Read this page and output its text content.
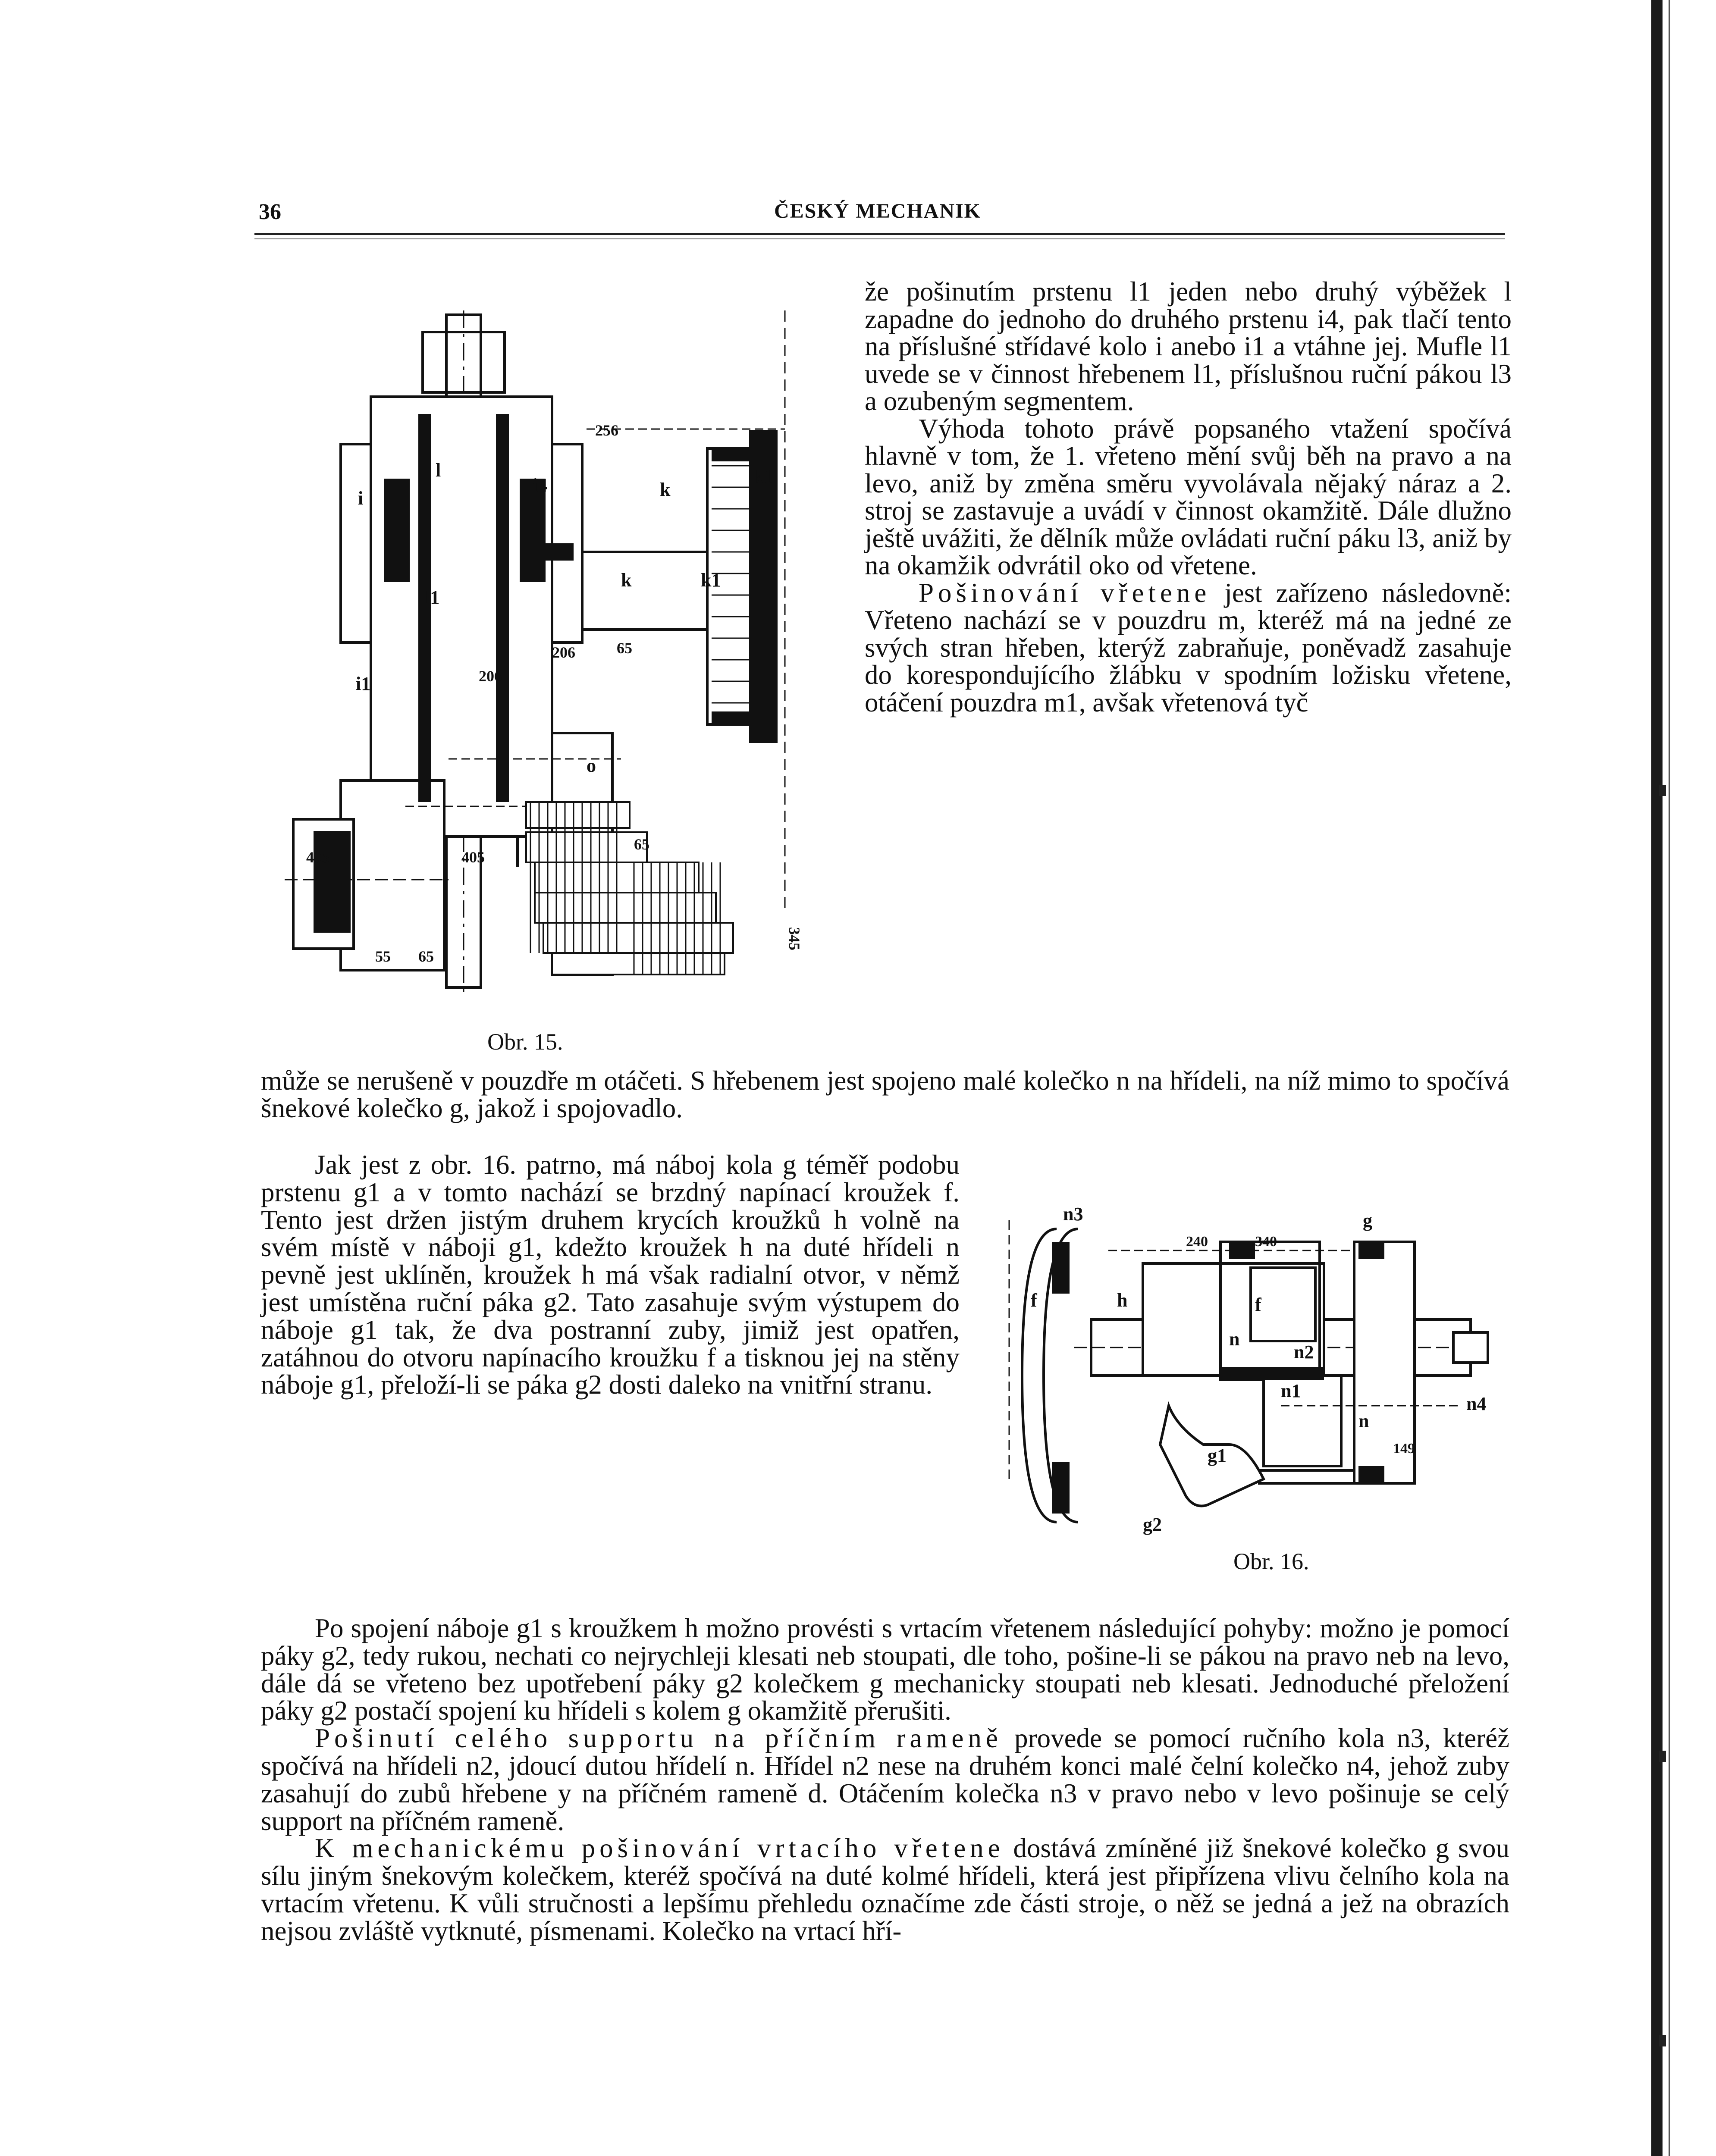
36	ČESKÝ MECHANIK
k
k1
i
i4
l
l1
i1
k	k1
o
405	405
65
55 65
206
256
65
206
345
Obr. 15.

že pošinutím prstenu l1 jeden nebo druhý výběžek l zapadne do jednoho do druhého prstenu i4, pak tlačí tento na příslušné střídavé kolo i anebo i1 a vtáhne jej. Mufle l1 uvede se v činnost hřebenem l1, příslušnou ruční pákou l3 a ozubeným segmentem.

Výhoda tohoto právě popsaného vtažení spočívá hlavně v tom, že 1. vřeteno mění svůj běh na pravo a na levo, aniž by změna směru vyvolávala nějaký náraz a 2. stroj se zastavuje a uvádí v činnost okamžitě. Dále dlužno ještě uvážiti, že dělník může ovládati ruční páku l3, aniž by na okamžik odvrátil oko od vřetene.

Pošinování vřetene jest zařízeno následovně: Vřeteno nachází se v pouzdru m, kteréž má na jedné ze svých stran hřeben, kterýž zabraňuje, poněvadž zasahuje do korespondujícího žlábku v spodním ložisku vřetene, otáčení pouzdra m1, avšak vřetenová tyč

může se nerušeně v pouzdře m otáčeti. S hřebenem jest spojeno malé kolečko n na hřídeli, na níž mimo to spočívá šnekové kolečko g, jakož i spojovadlo.
Jak jest z obr. 16. patrno, má náboj kola g téměř podobu prstenu g1 a v tomto nachází se brzdný napínací kroužek f. Tento jest držen jistým druhem krycích kroužků h volně na svém místě v náboji g1, kdežto kroužek h na duté hřídeli n pevně jest uklíněn, kroužek h má však radialní otvor, v němž jest umístěna ruční páka g2. Tato zasahuje svým výstupem do náboje g1 tak, že dva postranní zuby, jimiž jest opatřen, zatáhnou do otvoru napínacího kroužku f a tisknou jej na stěny náboje g1, přeloží-li se páka g2 dosti daleko na vnitřní stranu.
n3	g
f	h	f
n
n2
n
n4
g1
g2
240	340
n1
149
Obr. 16.

Po spojení náboje g1 s kroužkem h možno provésti s vrtacím vřetenem následující pohyby: možno je pomocí páky g2, tedy rukou, nechati co nejrychleji klesati neb stoupati, dle toho, pošine-li se pákou na pravo neb na levo, dále dá se vřeteno bez upotřebení páky g2 kolečkem g mechanicky stoupati neb klesati. Jednoduché přeložení páky g2 postačí spojení ku hřídeli s kolem g okamžitě přerušiti.

Pošinutí celého supportu na příčním rameně provede se pomocí ručního kola n3, kteréž spočívá na hřídeli n2, jdoucí dutou hřídelí n. Hřídel n2 nese na druhém konci malé čelní kolečko n4, jehož zuby zasahují do zubů hřebene y na příčném rameně d. Otáčením kolečka n3 v pravo nebo v levo pošinuje se celý support na příčném rameně.

K mechanickému pošinování vrtacího vřetene dostává zmíněné již šnekové kolečko g svou sílu jiným šnekovým kolečkem, kteréž spočívá na duté kolmé hřídeli, která jest připřízena vlivu čelního kola na vrtacím vřetenu. K vůli stručnosti a lepšímu přehledu označíme zde části stroje, o něž se jedná a jež na obrazích nejsou zvláště vytknuté, písmenami. Kolečko na vrtací hří-
